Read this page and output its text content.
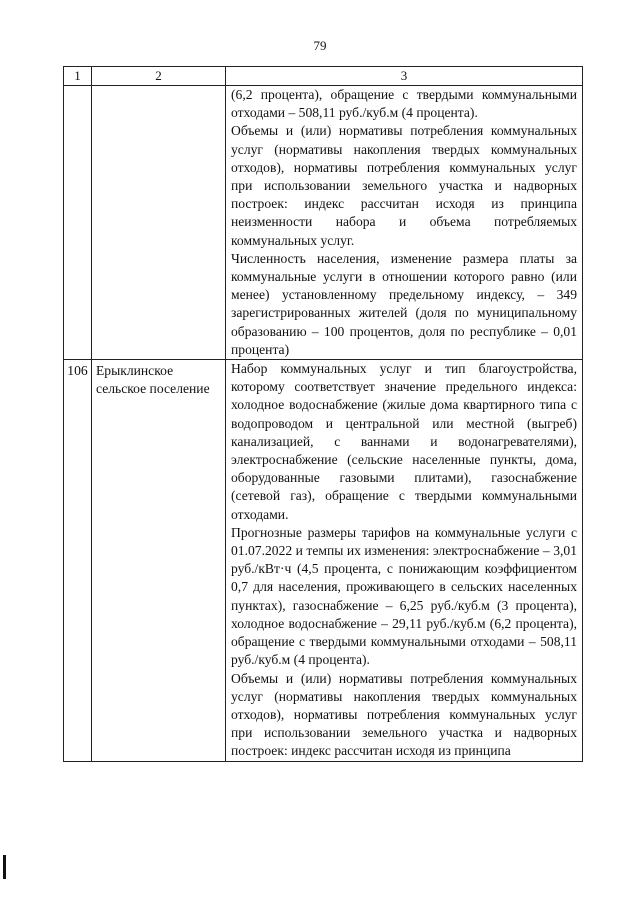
79
1	2	3

		(6,2 процента), обращение с твердыми коммунальными отходами – 508,11 руб./куб.м (4 процента).

Объемы и (или) нормативы потребления коммунальных услуг (нормативы накопления твердых коммунальных отходов), нормативы потребления коммунальных услуг при использовании земельного участка и надворных построек: индекс рассчитан исходя из принципа неизменности набора и объема потребляемых коммунальных услуг.

Численность населения, изменение размера платы за коммунальные услуги в отношении которого равно (или менее) установленному предельному индексу, – 349 зарегистрированных жителей (доля по муниципальному образованию – 100 процентов, доля по республике – 0,01 процента)

106	Ерыклинское сельское поселение	Набор коммунальных услуг и тип благоустройства, которому соответствует значение предельного индекса: холодное водоснабжение (жилые дома квартирного типа с водопроводом и центральной или местной (выгреб) канализацией, с ваннами и водонагревателями), электроснабжение (сельские населенные пункты, дома, оборудованные газовыми плитами), газоснабжение (сетевой газ), обращение с твердыми коммунальными отходами.

Прогнозные размеры тарифов на коммунальные услуги с 01.07.2022 и темпы их изменения: электроснабжение – 3,01 руб./кВт·ч (4,5 процента, с понижающим коэффициентом 0,7 для населения, проживающего в сельских населенных пунктах), газоснабжение – 6,25 руб./куб.м (3 процента), холодное водоснабжение – 29,11 руб./куб.м (6,2 процента), обращение с твердыми коммунальными отходами – 508,11 руб./куб.м (4 процента).

Объемы и (или) нормативы потребления коммунальных услуг (нормативы накопления твердых коммунальных отходов), нормативы потребления коммунальных услуг при использовании земельного участка и надворных построек: индекс рассчитан исходя из принципа
